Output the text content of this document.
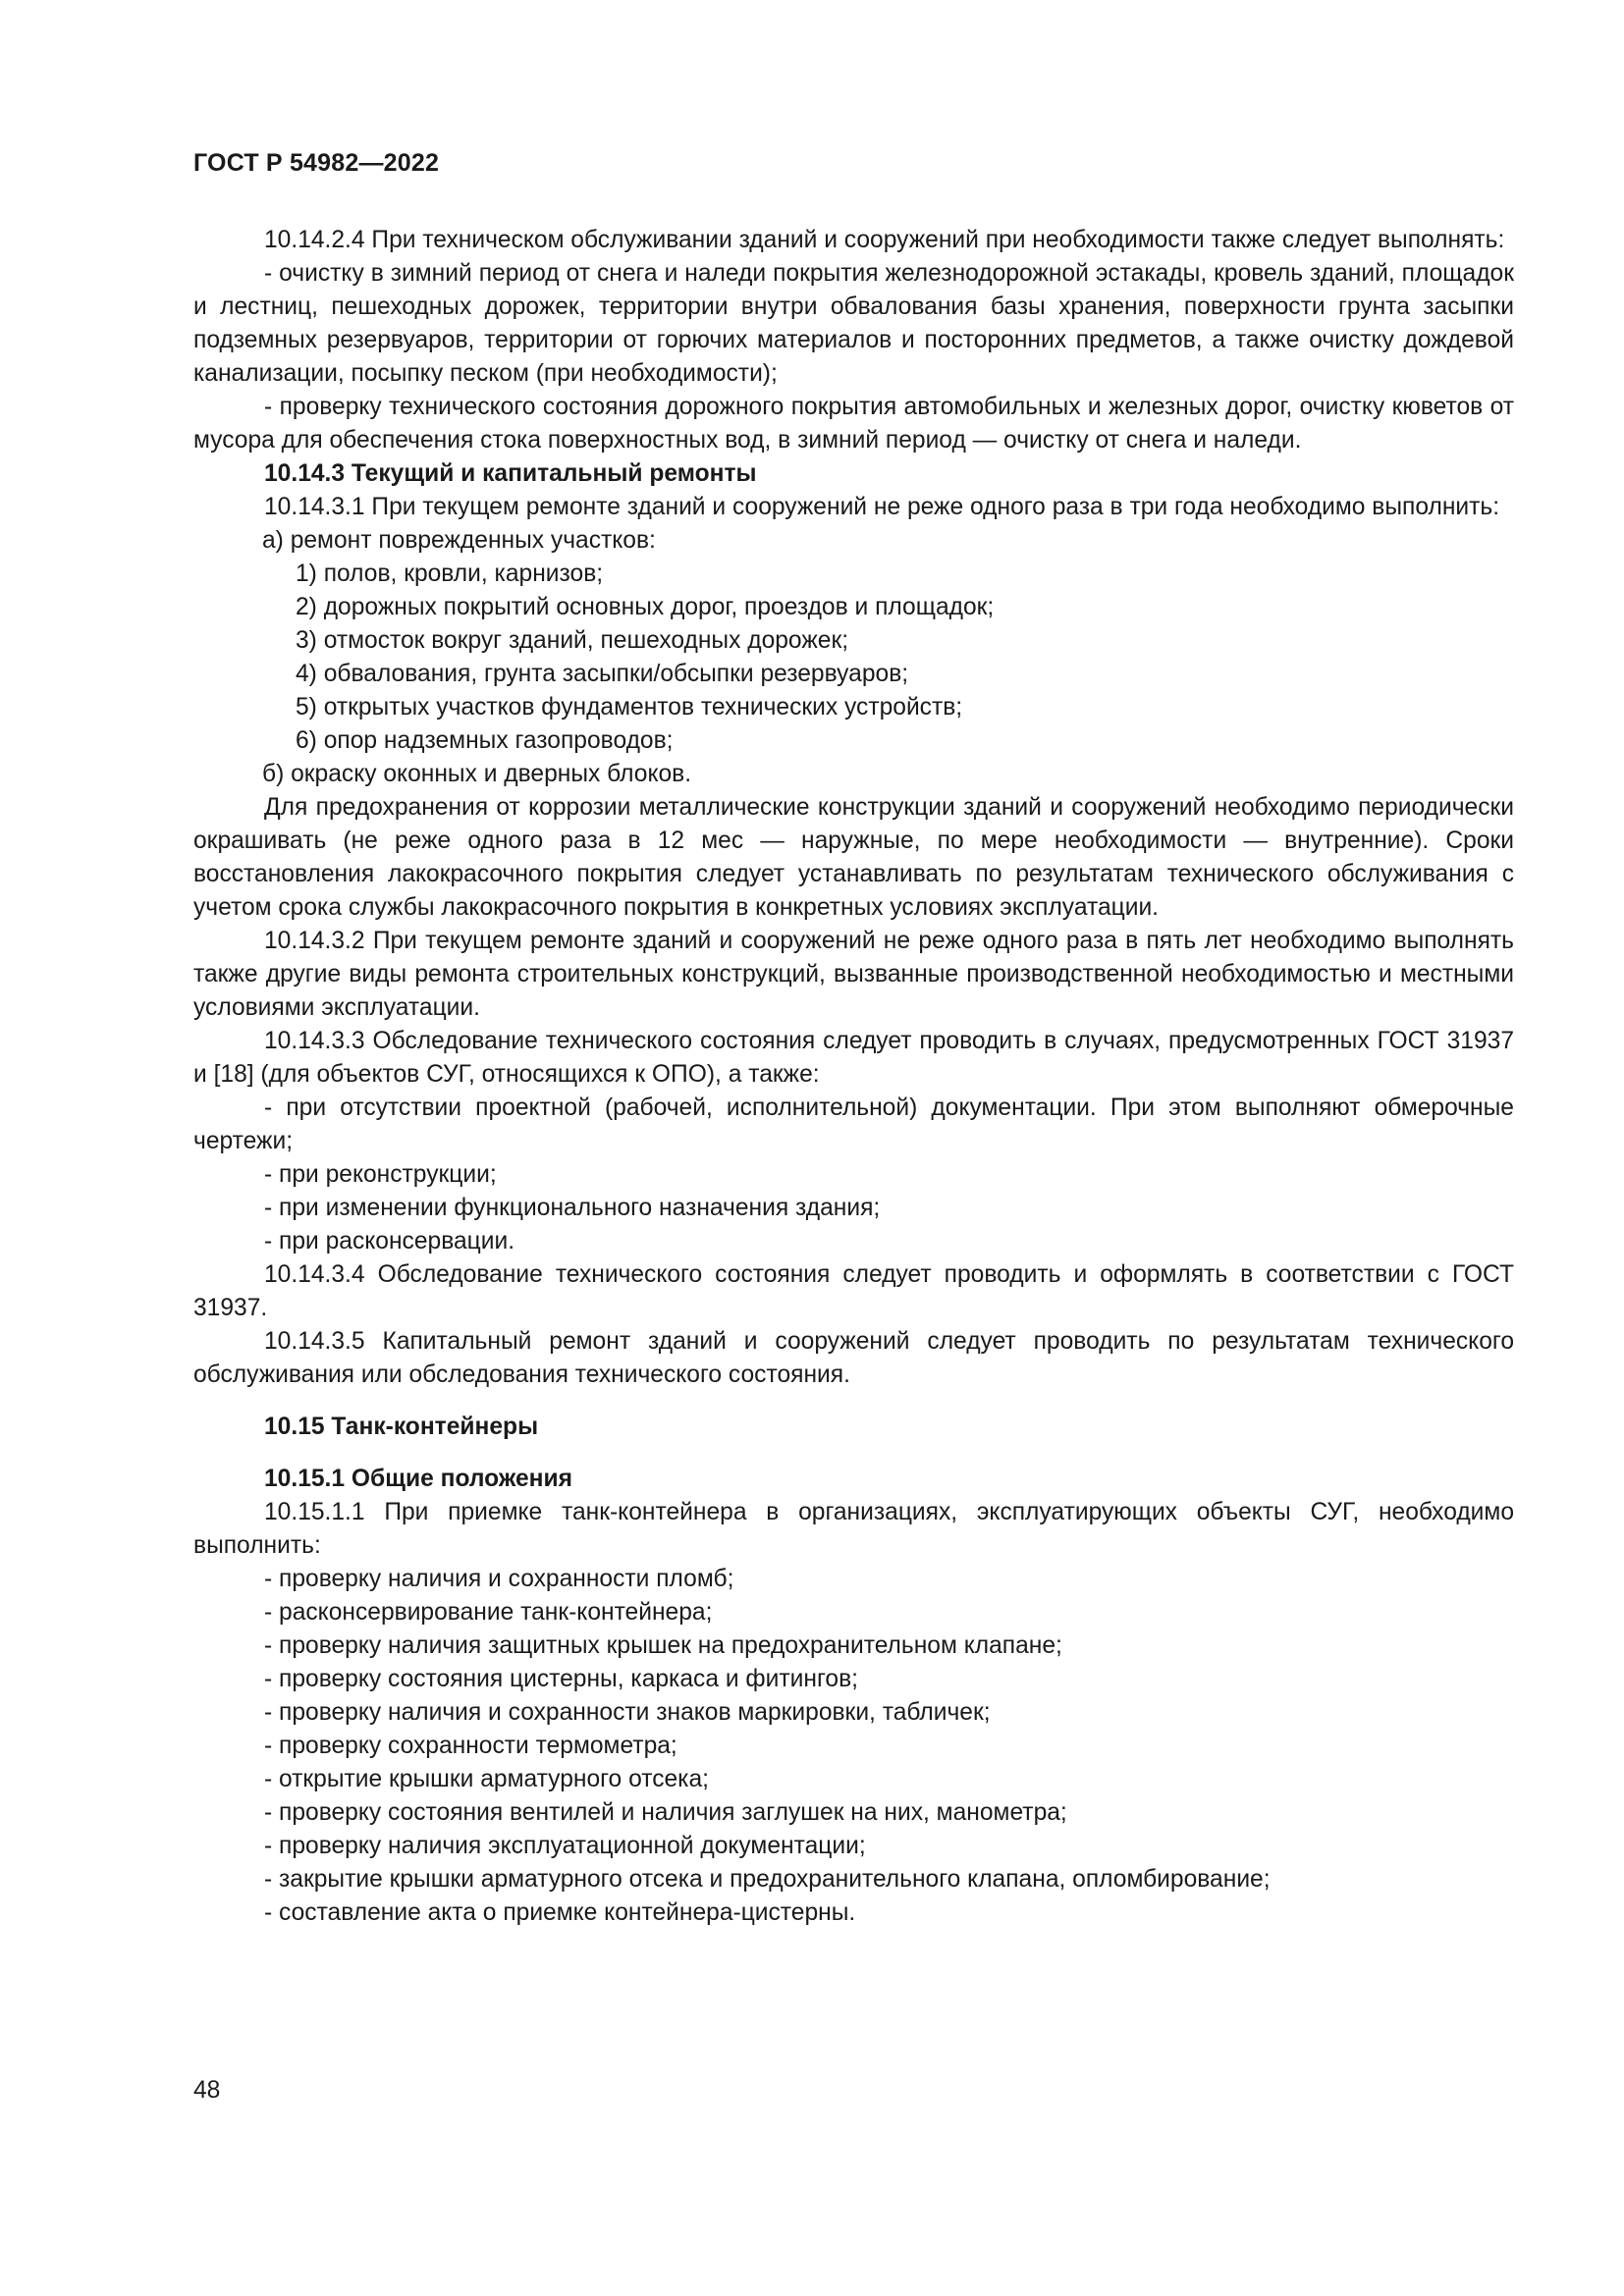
ГОСТ Р 54982—2022

10.14.2.4 При техническом обслуживании зданий и сооружений при необходимости также следует выполнять:

- очистку в зимний период от снега и наледи покрытия железнодорожной эстакады, кровель зданий, площадок и лестниц, пешеходных дорожек, территории внутри обвалования базы хранения, поверхности грунта засыпки подземных резервуаров, территории от горючих материалов и посторонних предметов, а также очистку дождевой канализации, посыпку песком (при необходимости);

- проверку технического состояния дорожного покрытия автомобильных и железных дорог, очистку кюветов от мусора для обеспечения стока поверхностных вод, в зимний период — очистку от снега и наледи.

10.14.3 Текущий и капитальный ремонты

10.14.3.1 При текущем ремонте зданий и сооружений не реже одного раза в три года необходимо выполнить:

а) ремонт поврежденных участков:

1) полов, кровли, карнизов;

2) дорожных покрытий основных дорог, проездов и площадок;

3) отмосток вокруг зданий, пешеходных дорожек;

4) обвалования, грунта засыпки/обсыпки резервуаров;

5) открытых участков фундаментов технических устройств;

6) опор надземных газопроводов;

б) окраску оконных и дверных блоков.

Для предохранения от коррозии металлические конструкции зданий и сооружений необходимо периодически окрашивать (не реже одного раза в 12 мес — наружные, по мере необходимости — внутренние). Сроки восстановления лакокрасочного покрытия следует устанавливать по результатам технического обслуживания с учетом срока службы лакокрасочного покрытия в конкретных условиях эксплуатации.

10.14.3.2 При текущем ремонте зданий и сооружений не реже одного раза в пять лет необходимо выполнять также другие виды ремонта строительных конструкций, вызванные производственной необходимостью и местными условиями эксплуатации.

10.14.3.3 Обследование технического состояния следует проводить в случаях, предусмотренных ГОСТ 31937 и [18] (для объектов СУГ, относящихся к ОПО), а также:

- при отсутствии проектной (рабочей, исполнительной) документации. При этом выполняют обмерочные чертежи;

- при реконструкции;

- при изменении функционального назначения здания;

- при расконсервации.

10.14.3.4 Обследование технического состояния следует проводить и оформлять в соответствии с ГОСТ 31937.

10.14.3.5 Капитальный ремонт зданий и сооружений следует проводить по результатам технического обслуживания или обследования технического состояния.

10.15 Танк-контейнеры

10.15.1 Общие положения

10.15.1.1 При приемке танк-контейнера в организациях, эксплуатирующих объекты СУГ, необходимо выполнить:

- проверку наличия и сохранности пломб;

- расконсервирование танк-контейнера;

- проверку наличия защитных крышек на предохранительном клапане;

- проверку состояния цистерны, каркаса и фитингов;

- проверку наличия и сохранности знаков маркировки, табличек;

- проверку сохранности термометра;

- открытие крышки арматурного отсека;

- проверку состояния вентилей и наличия заглушек на них, манометра;

- проверку наличия эксплуатационной документации;

- закрытие крышки арматурного отсека и предохранительного клапана, опломбирование;

- составление акта о приемке контейнера-цистерны.

48
